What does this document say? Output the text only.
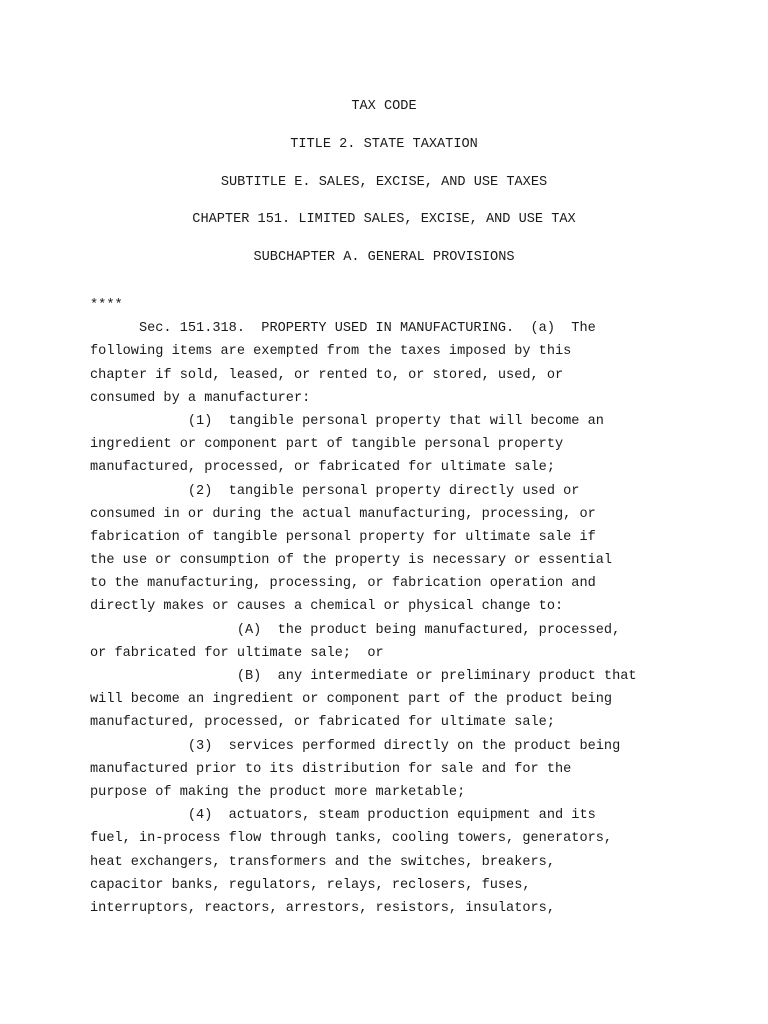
TAX CODE
TITLE 2. STATE TAXATION
SUBTITLE E. SALES, EXCISE, AND USE TAXES
CHAPTER 151. LIMITED SALES, EXCISE, AND USE TAX
SUBCHAPTER A. GENERAL PROVISIONS
****
Sec. 151.318.  PROPERTY USED IN MANUFACTURING.  (a)  The
following items are exempted from the taxes imposed by this
chapter if sold, leased, or rented to, or stored, used, or
consumed by a manufacturer:
(1)  tangible personal property that will become an
ingredient or component part of tangible personal property
manufactured, processed, or fabricated for ultimate sale;
(2)  tangible personal property directly used or
consumed in or during the actual manufacturing, processing, or
fabrication of tangible personal property for ultimate sale if
the use or consumption of the property is necessary or essential
to the manufacturing, processing, or fabrication operation and
directly makes or causes a chemical or physical change to:
(A)  the product being manufactured, processed,
or fabricated for ultimate sale;  or
(B)  any intermediate or preliminary product that
will become an ingredient or component part of the product being
manufactured, processed, or fabricated for ultimate sale;
(3)  services performed directly on the product being
manufactured prior to its distribution for sale and for the
purpose of making the product more marketable;
(4)  actuators, steam production equipment and its
fuel, in-process flow through tanks, cooling towers, generators,
heat exchangers, transformers and the switches, breakers,
capacitor banks, regulators, relays, reclosers, fuses,
interruptors, reactors, arrestors, resistors, insulators,
